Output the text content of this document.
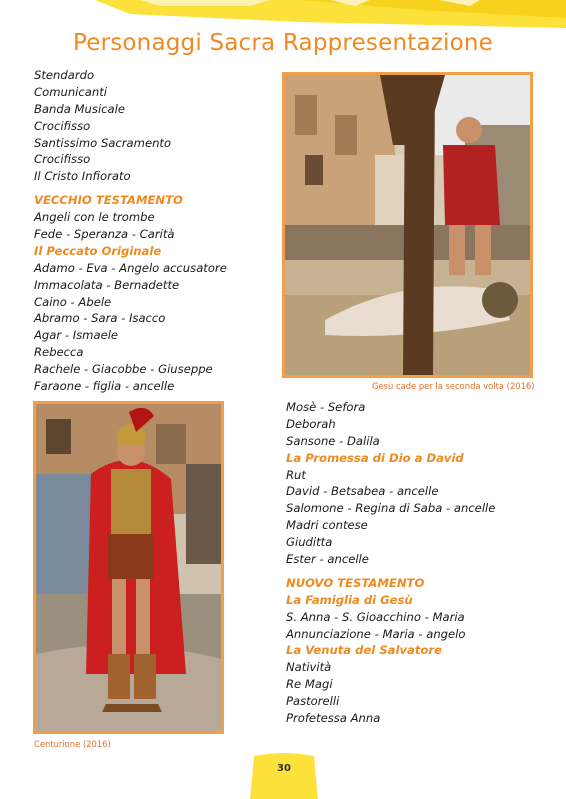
Personaggi Sacra Rappresentazione
Stendardo
Comunicanti
Banda Musicale
Crocifisso
Santissimo Sacramento
Crocifisso
Il Cristo Infiorato
VECCHIO TESTAMENTO
Angeli con le trombe
Fede - Speranza - Carità
Il Peccato Originale
Adamo - Eva - Angelo accusatore
Immacolata - Bernadette
Caino - Abele
Abramo - Sara - Isacco
Agar - Ismaele
Rebecca
Rachele - Giacobbe - Giuseppe
Faraone - figlia - ancelle
Mosè - Sefora
Deborah
Sansone - Dalila
La Promessa di Dio a David
Rut
David - Betsabea - ancelle
Salomone - Regina di Saba - ancelle
Madri contese
Giuditta
Ester - ancelle
NUOVO TESTAMENTO
La Famiglia di Gesù
S. Anna - S. Gioacchino - Maria
Annunciazione - Maria - angelo
La Venuta del Salvatore
Natività
Re Magi
Pastorelli
Profetessa Anna
Gesù cade per la seconda volta (2016)
Centurione (2016)
30
